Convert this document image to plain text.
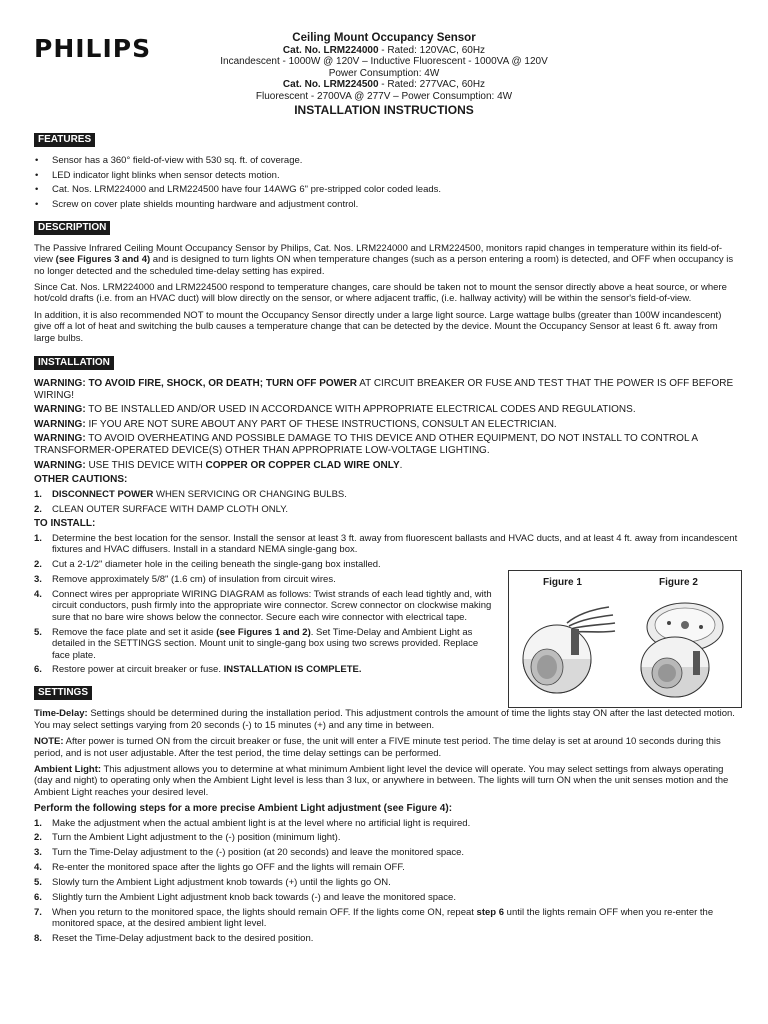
PHILIPS	Ceiling Mount Occupancy Sensor
Cat. No. LRM224000 - Rated: 120VAC, 60Hz
Incandescent - 1000W @ 120V – Inductive Fluorescent - 1000VA @ 120V
Power Consumption: 4W
Cat. No. LRM224500 - Rated: 277VAC, 60Hz
Fluorescent - 2700VA @ 277V – Power Consumption: 4W
INSTALLATION INSTRUCTIONS
FEATURES
• Sensor has a 360° field-of-view with 530 sq. ft. of coverage.
• LED indicator light blinks when sensor detects motion.
• Cat. Nos. LRM224000 and LRM224500 have four 14AWG 6" pre-stripped color coded leads.
• Screw on cover plate shields mounting hardware and adjustment control.
DESCRIPTION

The Passive Infrared Ceiling Mount Occupancy Sensor by Philips, Cat. Nos. LRM224000 and LRM224500, monitors rapid changes in temperature within its field-of-view (see Figures 3 and 4) and is designed to turn lights ON when temperature changes (such as a person entering a room) is detected, and OFF when occupancy is no longer detected and the scheduled time-delay setting has expired.

Since Cat. Nos. LRM224000 and LRM224500 respond to temperature changes, care should be taken not to mount the sensor directly above a heat source, or where hot/cold drafts (i.e. from an HVAC duct) will blow directly on the sensor, or where adjacent traffic, (i.e. hallway activity) will be within the sensor's field-of-view.

In addition, it is also recommended NOT to mount the Occupancy Sensor directly under a large light source. Large wattage bulbs (greater than 100W incandescent) give off a lot of heat and switching the bulb causes a temperature change that can be detected by the device. Mount the Occupancy Sensor at least 6 ft. away from large bulbs.

INSTALLATION
WARNING: TO AVOID FIRE, SHOCK, OR DEATH; TURN OFF POWER AT CIRCUIT BREAKER OR FUSE AND TEST THAT THE POWER IS OFF BEFORE WIRING!
WARNING: TO BE INSTALLED AND/OR USED IN ACCORDANCE WITH APPROPRIATE ELECTRICAL CODES AND REGULATIONS.
WARNING: IF YOU ARE NOT SURE ABOUT ANY PART OF THESE INSTRUCTIONS, CONSULT AN ELECTRICIAN.
WARNING: TO AVOID OVERHEATING AND POSSIBLE DAMAGE TO THIS DEVICE AND OTHER EQUIPMENT, DO NOT INSTALL TO CONTROL A TRANSFORMER-OPERATED DEVICE(S) OTHER THAN APPROPRIATE LOW-VOLTAGE LIGHTING.
WARNING: USE THIS DEVICE WITH COPPER OR COPPER CLAD WIRE ONLY.
OTHER CAUTIONS:
1. DISCONNECT POWER WHEN SERVICING OR CHANGING BULBS.
2. CLEAN OUTER SURFACE WITH DAMP CLOTH ONLY.
TO INSTALL:
1. Determine the best location for the sensor. Install the sensor at least 3 ft. away from fluorescent ballasts and HVAC ducts, and at least 4 ft. away from incandescent fixtures and HVAC diffusers. Install in a standard NEMA single-gang box.
2. Cut a 2-1/2" diameter hole in the ceiling beneath the single-gang box installed.
3. Remove approximately 5/8" (1.6 cm) of insulation from circuit wires.
4. Connect wires per appropriate WIRING DIAGRAM as follows: Twist strands of each lead tightly and, with circuit conductors, push firmly into the appropriate wire connector. Screw connector on clockwise making sure that no bare wire shows below the connector. Secure each wire connector with electrical tape.
5. Remove the face plate and set it aside (see Figures 1 and 2). Set Time-Delay and Ambient Light as detailed in the SETTINGS section. Mount unit to single-gang box using two screws provided. Replace face plate.
6. Restore power at circuit breaker or fuse. INSTALLATION IS COMPLETE.
SETTINGS

Time-Delay: Settings should be determined during the installation period. This adjustment controls the amount of time the lights stay ON after the last detected motion. You may select settings varying from 20 seconds (-) to 15 minutes (+) and any time in between.

NOTE: After power is turned ON from the circuit breaker or fuse, the unit will enter a FIVE minute test period. The time delay is set at around 10 seconds during this period, and is not user adjustable. After the test period, the time delay settings can be performed.

Ambient Light: This adjustment allows you to determine at what minimum Ambient light level the device will operate. You may select settings from always operating (day and night) to operating only when the Ambient Light level is less than 3 lux, or anywhere in between. The lights will turn ON when the unit senses motion and the Ambient Light reaches your desired level.

Perform the following steps for a more precise Ambient Light adjustment (see Figure 4):
1. Make the adjustment when the actual ambient light is at the level where no artificial light is required.
2. Turn the Ambient Light adjustment to the (-) position (minimum light).
3. Turn the Time-Delay adjustment to the (-) position (at 20 seconds) and leave the monitored space.
4. Re-enter the monitored space after the lights go OFF and the lights will remain OFF.
5. Slowly turn the Ambient Light adjustment knob towards (+) until the lights go ON.
6. Slightly turn the Ambient Light adjustment knob back towards (-) and leave the monitored space.
7. When you return to the monitored space, the lights should remain OFF. If the lights come ON, repeat step 6 until the lights remain OFF when you re-enter the monitored space, at the desired ambient light level.
8. Reset the Time-Delay adjustment back to the desired position.
Figure 1	Figure 2
